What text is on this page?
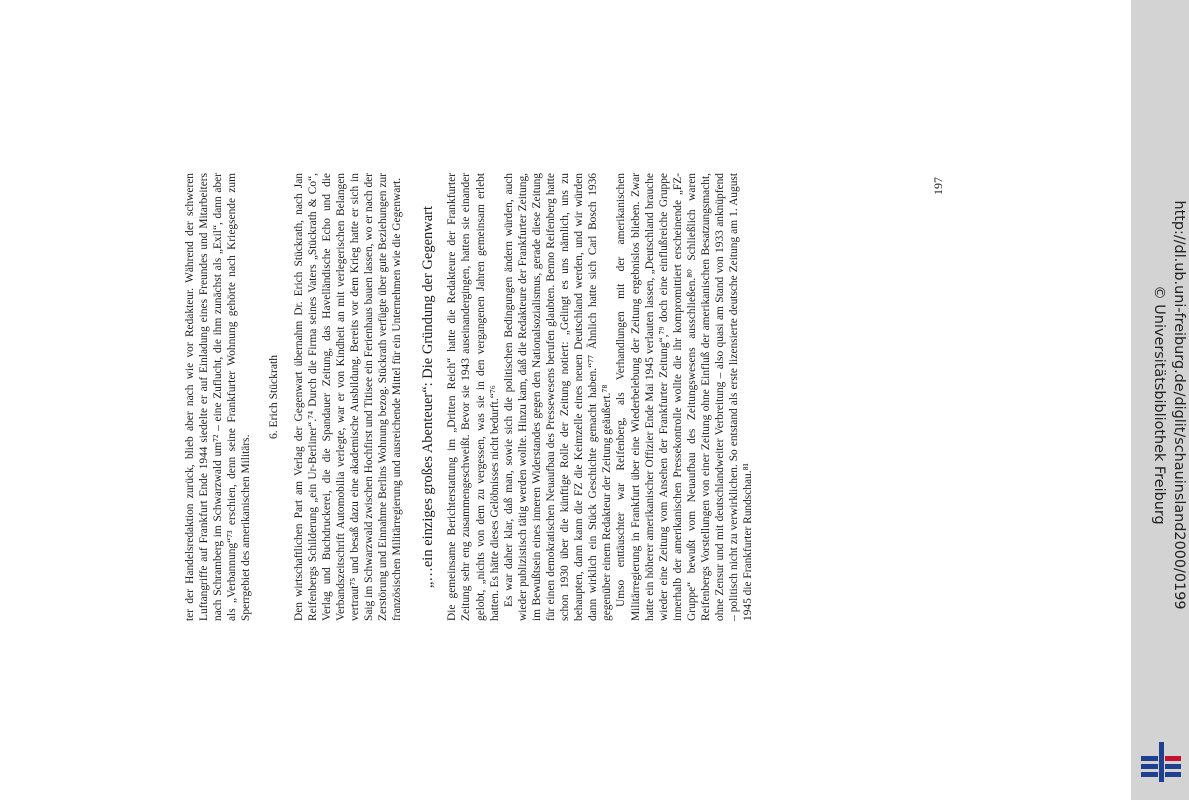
ter der Handelsredaktion zurück, blieb aber nach wie vor Redakteur. Während der schweren Luftangriffe auf Frankfurt Ende 1944 siedelte er auf Einladung eines Freundes und Mitarbeiters nach Schramberg im Schwarzwald um⁷² – eine Zuflucht, die ihm zunächst als „Exil“, dann aber als „Verbannung“⁷³ erschien, denn seine Frankfurter Wohnung gehörte nach Kriegsende zum Sperrgebiet des amerikanischen Militärs.

6. Erich Stückrath Den wirtschaftlichen Part am Verlag der Gegenwart übernahm Dr. Erich Stückrath, nach Jan Reifenbergs Schilderung „ein Ur-Berliner“.⁷⁴ Durch die Firma seines Vaters „Stückrath & Co“, Verlag und Buchdruckerei, die die Spandauer Zeitung, das Havelländische Echo und die Verbandszeitschrift Automobilia verlegte, war er von Kindheit an mit verlegerischen Belangen vertraut⁷⁵ und besaß dazu eine akademische Ausbildung. Bereits vor dem Krieg hatte er sich in Saig im Schwarzwald zwischen Hochfirst und Titisee ein Ferienhaus bauen lassen, wo er nach der Zerstörung und Einnahme Berlins Wohnung bezog. Stückrath verfügte über gute Beziehungen zur französischen Militärregierung und ausreichende Mittel für ein Unternehmen wie die Gegenwart. „…ein einziges großes Abenteuer“: Die Gründung der Gegenwart Die gemeinsame Berichterstattung im „Dritten Reich“ hatte die Redakteure der Frankfurter Zeitung sehr eng zusammengeschweißt. Bevor sie 1943 auseinandergingen, hatten sie einander gelobt, „nichts von dem zu vergessen, was sie in den vergangenen Jahren gemeinsam erlebt hatten. Es hätte dieses Gelöbnisses nicht bedurft.“⁷⁶ Es war daher klar, daß man, sowie sich die politischen Bedingungen ändern würden, auch wieder publizistisch tätig werden wollte. Hinzu kam, daß die Redakteure der Frankfurter Zeitung, im Bewußtsein eines inneren Widerstandes gegen den Nationalsozialismus, gerade diese Zeitung für einen demokratischen Neuaufbau des Pressewesens berufen glaubten. Benno Reifenberg hatte schon 1930 über die künftige Rolle der Zeitung notiert: „Gelingt es uns nämlich, uns zu behaupten, dann kann die FZ die Keimzelle eines neuen Deutschland werden, und wir würden dann wirklich ein Stück Geschichte gemacht haben.“⁷⁷ Ähnlich hatte sich Carl Bosch 1936 gegenüber einem Redakteur der Zeitung geäußert.⁷⁸ Umso enttäuschter war Reifenberg, als Verhandlungen mit der amerikanischen Militärregierung in Frankfurt über eine Wiederbelebung der Zeitung ergebnislos blieben. Zwar hatte ein höherer amerikanischer Offizier Ende Mai 1945 verlauten lassen, „Deutschland brauche wieder eine Zeitung vom Ansehen der Frankfurter Zeitung“,⁷⁹ doch eine einflußreiche Gruppe innerhalb der amerikanischen Pressekontrolle wollte die ihr kompromittiert erscheinende „FZ-Gruppe“ bewußt vom Neuaufbau des Zeitungswesens ausschließen.⁸⁰ Schließlich waren Reifenbergs Vorstellungen von einer Zeitung ohne Einfluß der amerikanischen Besatzungsmacht, ohne Zensur und mit deutschlandweiter Verbreitung – also quasi am Stand von 1933 anknüpfend – politisch nicht zu verwirklichen. So entstand als erste lizensierte deutsche Zeitung am 1. August 1945 die Frankfurter Rundschau.⁸¹

197
http://dl.ub.uni-freiburg.de/diglit/schauinsland2000/0199
© Universitätsbibliothek Freiburg
